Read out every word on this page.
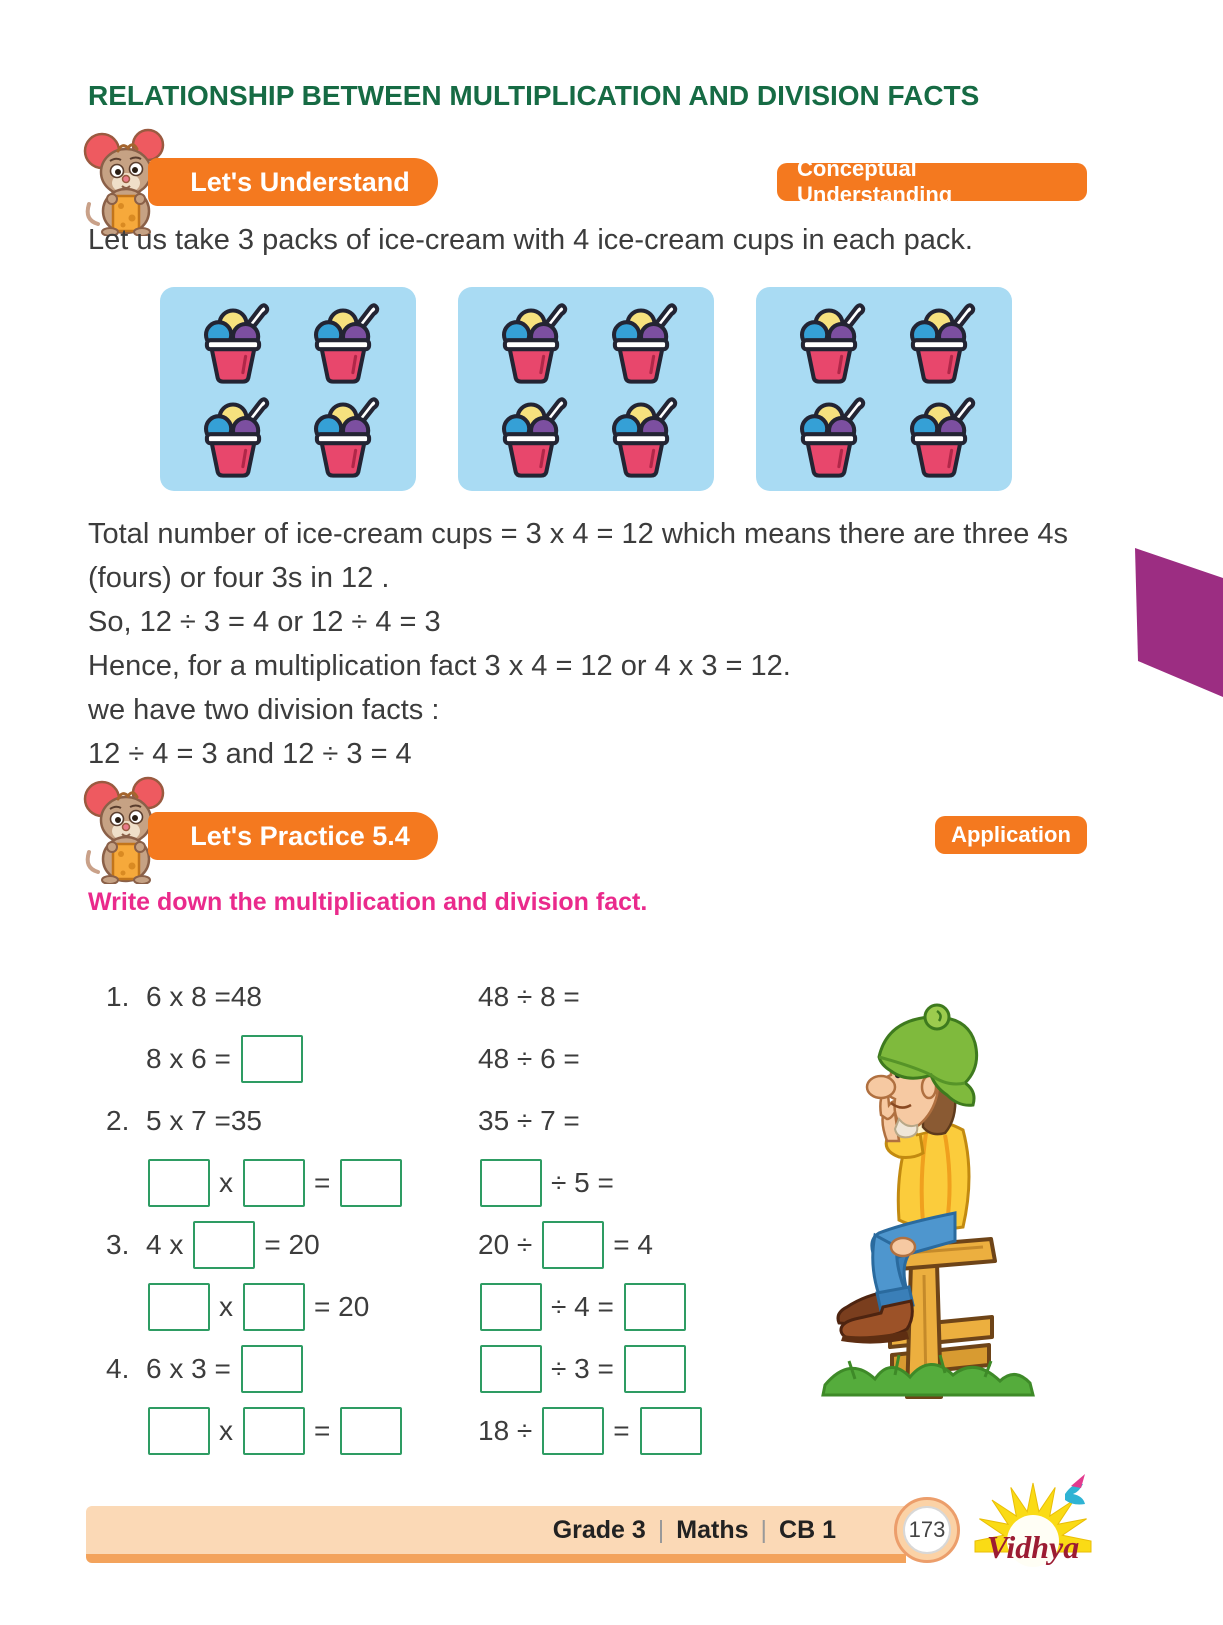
RELATIONSHIP BETWEEN MULTIPLICATION AND DIVISION FACTS
Let's Understand	Conceptual Understanding

Let us take 3 packs of ice-cream with 4 ice-cream cups in each pack.

Total number of ice-cream cups = 3 x 4 = 12 which means there are three 4s

(fours) or four 3s in 12 .

So, 12 ÷ 3 = 4 or 12 ÷ 4 = 3

Hence, for a multiplication fact 3 x 4 = 12 or 4 x 3 = 12.

we have two division facts :

12 ÷ 4 = 3 and 12 ÷ 3 = 4

Let's Practice 5.4	Application
Write down the multiplication and division fact.
1. 6 x 8 =48	48 ÷ 8 =
8 x 6 =	48 ÷ 6 =
2. 5 x 7 =35	35 ÷ 7 =
x	=	÷ 5 =
3. 4 x	= 20	20 ÷	= 4
x	= 20	÷ 4 =
4. 6 x 3 =	÷ 3 =
x	=	18 ÷	=
Grade 3 | Maths | CB 1	173 Vidhya
